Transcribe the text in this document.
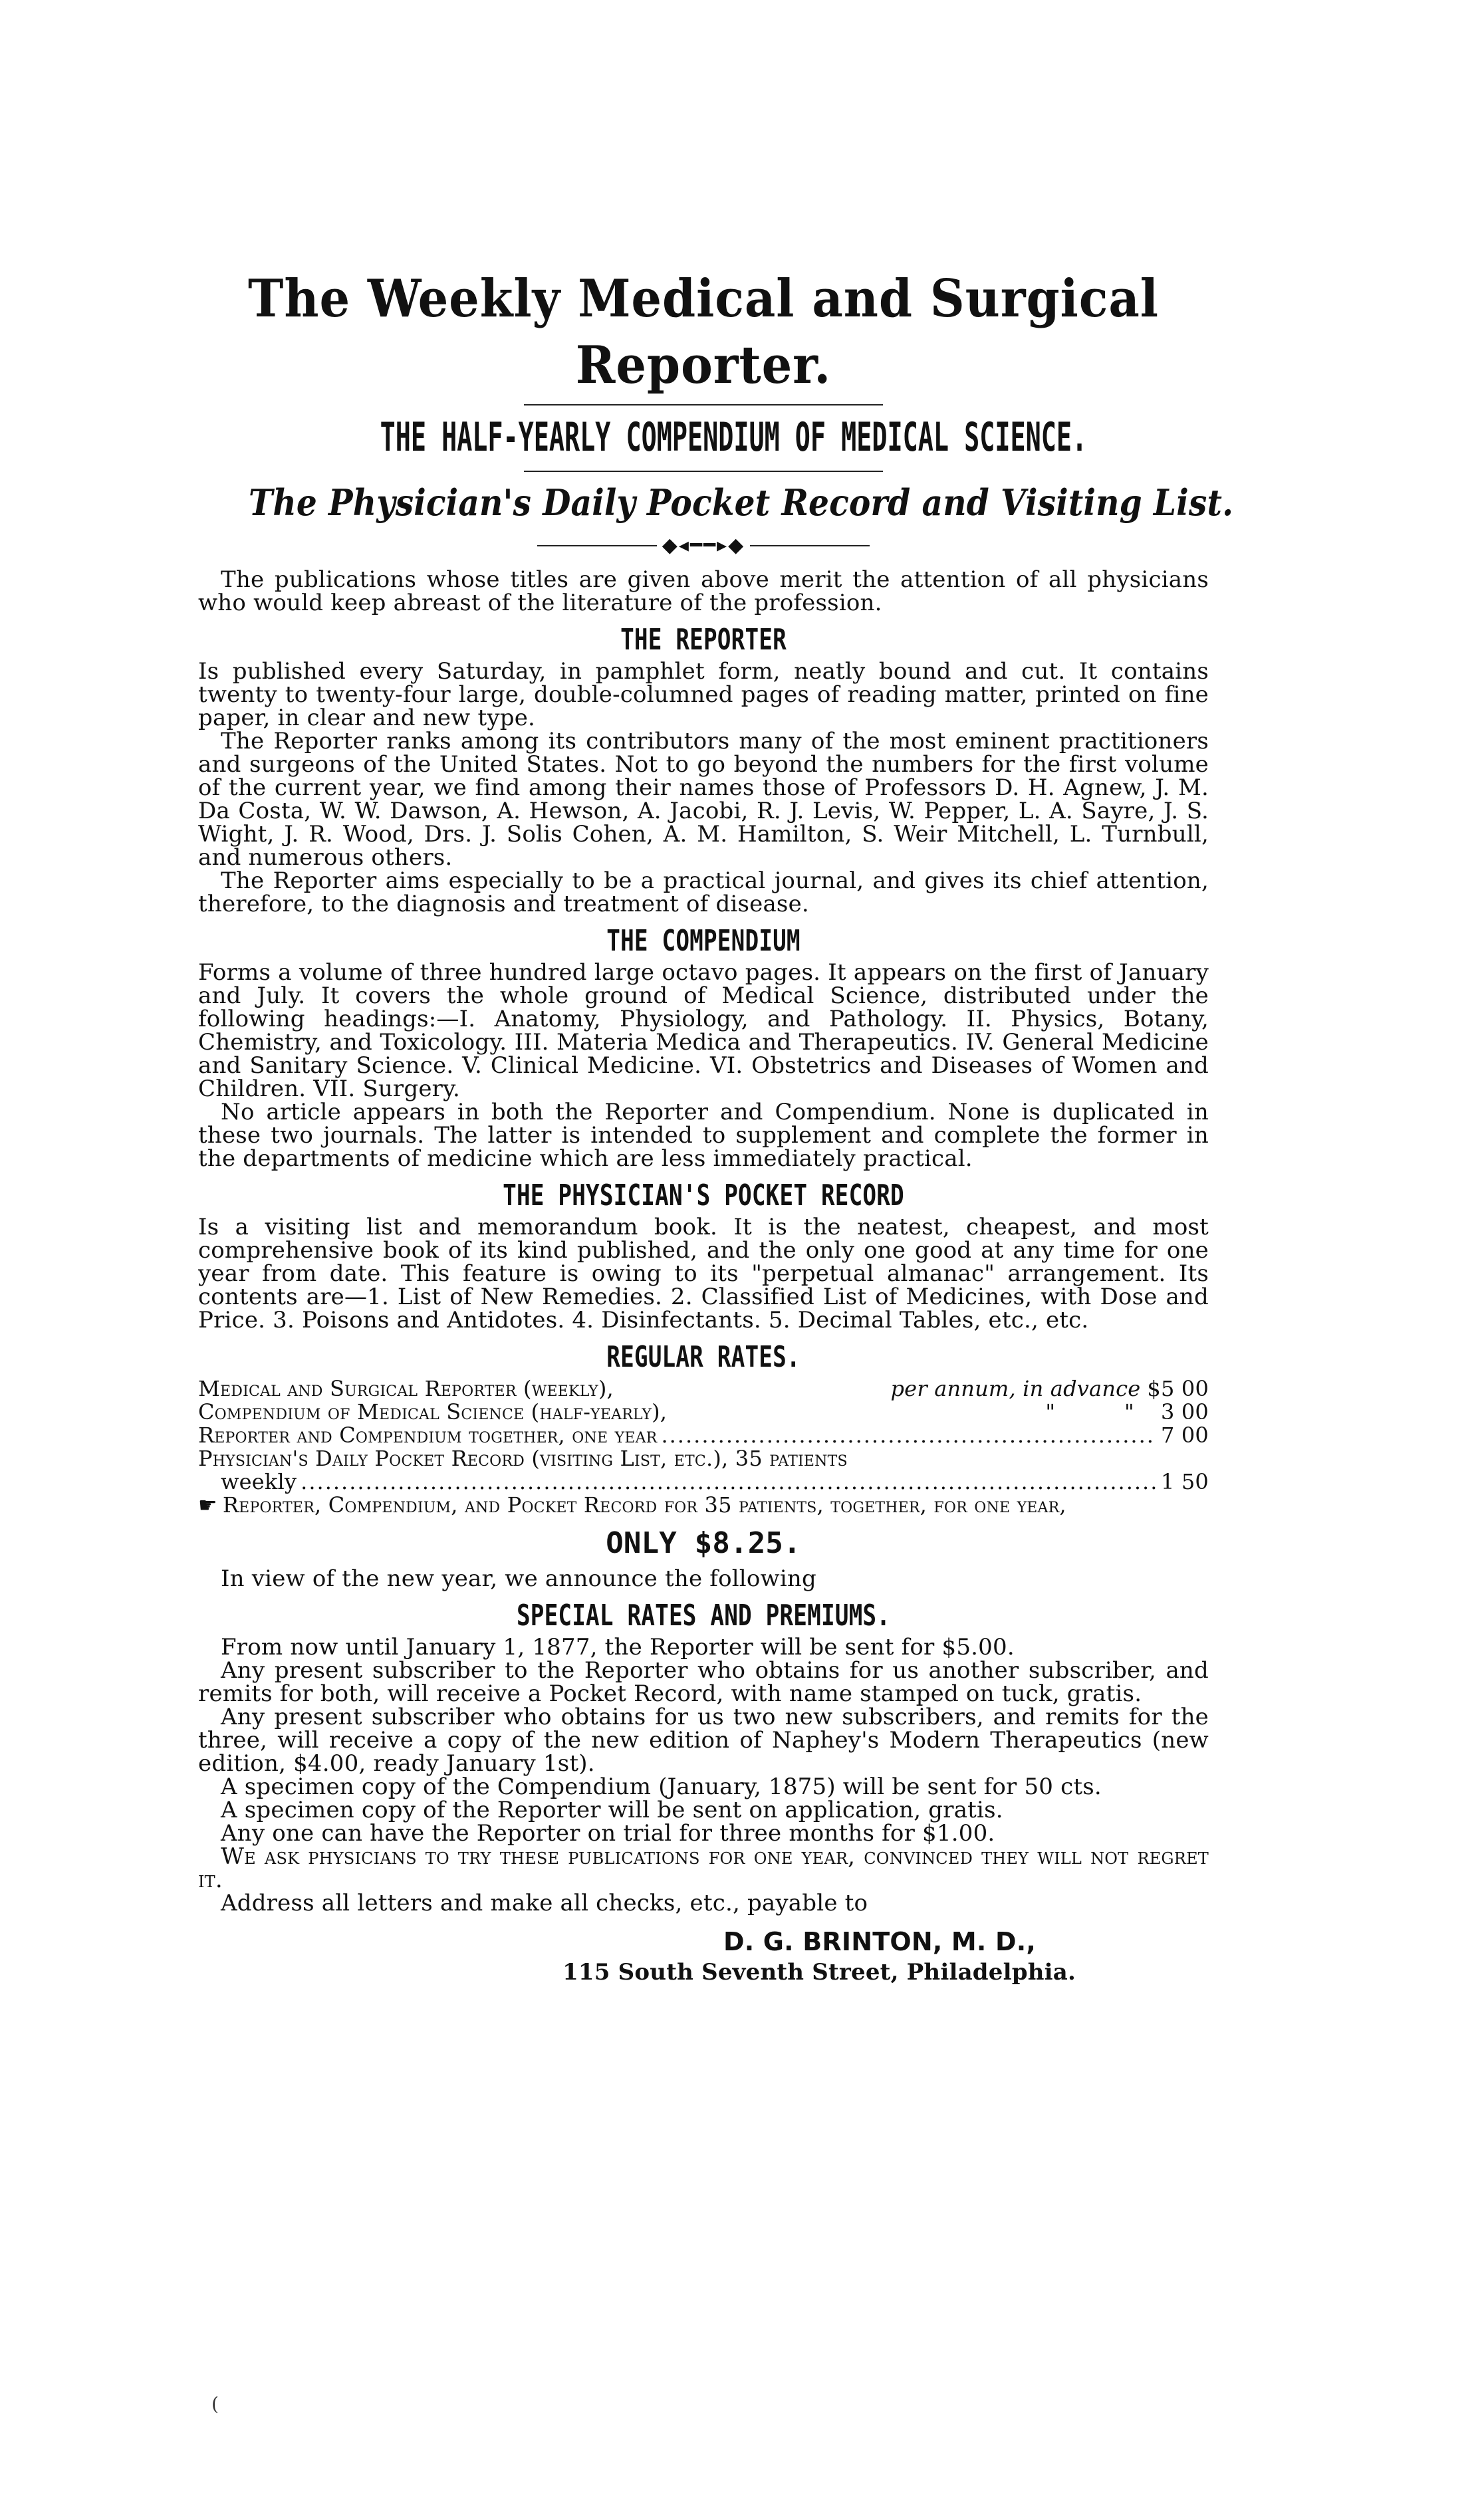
The Weekly Medical and Surgical Reporter.
THE HALF-YEARLY COMPENDIUM OF MEDICAL SCIENCE.
The Physician's Daily Pocket Record and Visiting List.
◆◂━━▸◆

The publications whose titles are given above merit the attention of all physicians who would keep abreast of the literature of the profession.

THE REPORTER

Is published every Saturday, in pamphlet form, neatly bound and cut. It contains twenty to twenty-four large, double-columned pages of reading matter, printed on fine paper, in clear and new type.

The Reporter ranks among its contributors many of the most eminent practitioners and surgeons of the United States. Not to go beyond the numbers for the first volume of the current year, we find among their names those of Professors D. H. Agnew, J. M. Da Costa, W. W. Dawson, A. Hewson, A. Jacobi, R. J. Levis, W. Pepper, L. A. Sayre, J. S. Wight, J. R. Wood, Drs. J. Solis Cohen, A. M. Hamilton, S. Weir Mitchell, L. Turnbull, and numerous others.

The Reporter aims especially to be a practical journal, and gives its chief attention, therefore, to the diagnosis and treatment of disease.

THE COMPENDIUM

Forms a volume of three hundred large octavo pages. It appears on the first of January and July. It covers the whole ground of Medical Science, distributed under the following headings:—I. Anatomy, Physiology, and Pathology. II. Physics, Botany, Chemistry, and Toxicology. III. Materia Medica and Therapeutics. IV. General Medicine and Sanitary Science. V. Clinical Medicine. VI. Obstetrics and Diseases of Women and Children. VII. Surgery.

No article appears in both the Reporter and Compendium. None is duplicated in these two journals. The latter is intended to supplement and complete the former in the departments of medicine which are less immediately practical.

THE PHYSICIAN'S POCKET RECORD

Is a visiting list and memorandum book. It is the neatest, cheapest, and most comprehensive book of its kind published, and the only one good at any time for one year from date. This feature is owing to its "perpetual almanac" arrangement. Its contents are—1. List of New Remedies. 2. Classified List of Medicines, with Dose and Price. 3. Poisons and Antidotes. 4. Disinfectants. 5. Decimal Tables, etc., etc.

REGULAR RATES.
Medical and Surgical Reporter (weekly),	per annum, in advance $5 00
Compendium of Medical Science (half-yearly),	"          " 3 00
Reporter and Compendium together, one year .....	7 00
Physician's Daily Pocket Record (visiting List, etc.), 35 patients
weekly .....	1 50

☛ Reporter, Compendium, and Pocket Record for 35 patients, together, for one year,

ONLY $8.25.

In view of the new year, we announce the following

SPECIAL RATES AND PREMIUMS.

From now until January 1, 1877, the Reporter will be sent for $5.00.

Any present subscriber to the Reporter who obtains for us another subscriber, and remits for both, will receive a Pocket Record, with name stamped on tuck, gratis.

Any present subscriber who obtains for us two new subscribers, and remits for the three, will receive a copy of the new edition of Naphey's Modern Therapeutics (new edition, $4.00, ready January 1st).

A specimen copy of the Compendium (January, 1875) will be sent for 50 cts.

A specimen copy of the Reporter will be sent on application, gratis.

Any one can have the Reporter on trial for three months for $1.00.

We ask physicians to try these publications for one year, convinced they will not regret it.

Address all letters and make all checks, etc., payable to

D. G. BRINTON, M. D.,
115 South Seventh Street, Philadelphia.
(
